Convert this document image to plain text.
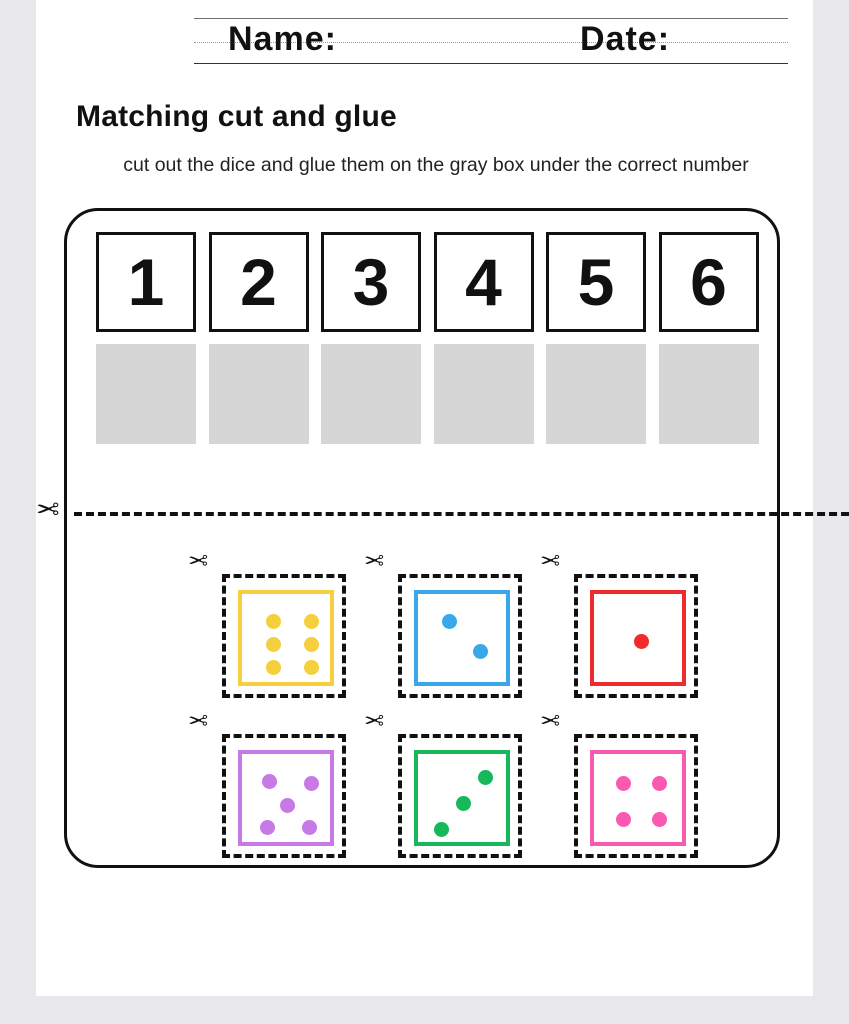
Name:	Date:
Matching cut and glue
cut out the dice and glue them on the gray box under the correct number
1	2	3	4	5	6
✂
✂	✂	✂
✂	✂	✂
